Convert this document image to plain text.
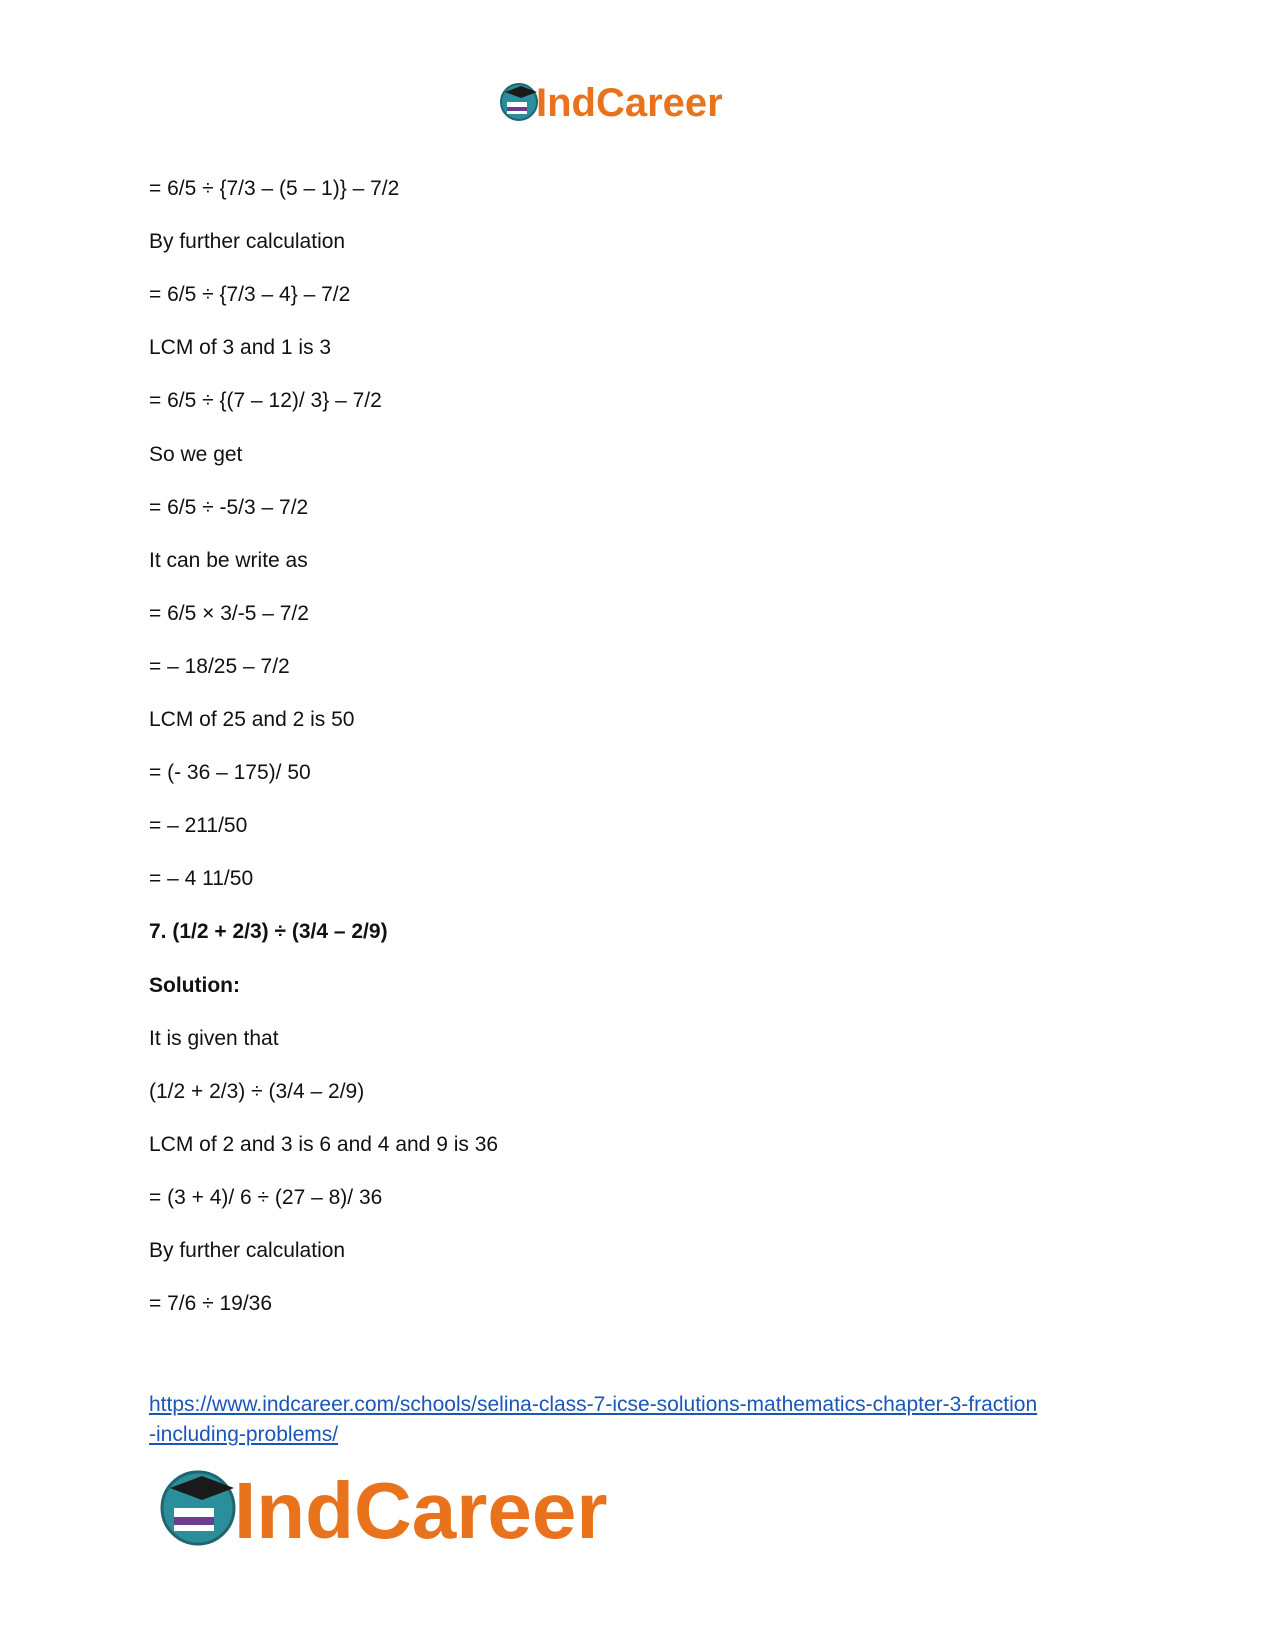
IndCareer
= 6/5 ÷ {7/3 – (5 – 1)} – 7/2
By further calculation
= 6/5 ÷ {7/3 – 4} – 7/2
LCM of 3 and 1 is 3
= 6/5 ÷ {(7 – 12)/ 3} – 7/2
So we get
= 6/5 ÷ -5/3 – 7/2
It can be write as
= 6/5 × 3/-5 – 7/2
= – 18/25 – 7/2
LCM of 25 and 2 is 50
= (- 36 – 175)/ 50
= – 211/50
= – 4 11/50
7. (1/2 + 2/3) ÷ (3/4 – 2/9)
Solution:
It is given that
(1/2 + 2/3) ÷ (3/4 – 2/9)
LCM of 2 and 3 is 6 and 4 and 9 is 36
= (3 + 4)/ 6 ÷ (27 – 8)/ 36
By further calculation
= 7/6 ÷ 19/36
https://www.indcareer.com/schools/selina-class-7-icse-solutions-mathematics-chapter-3-fraction
-including-problems/
IndCareer
